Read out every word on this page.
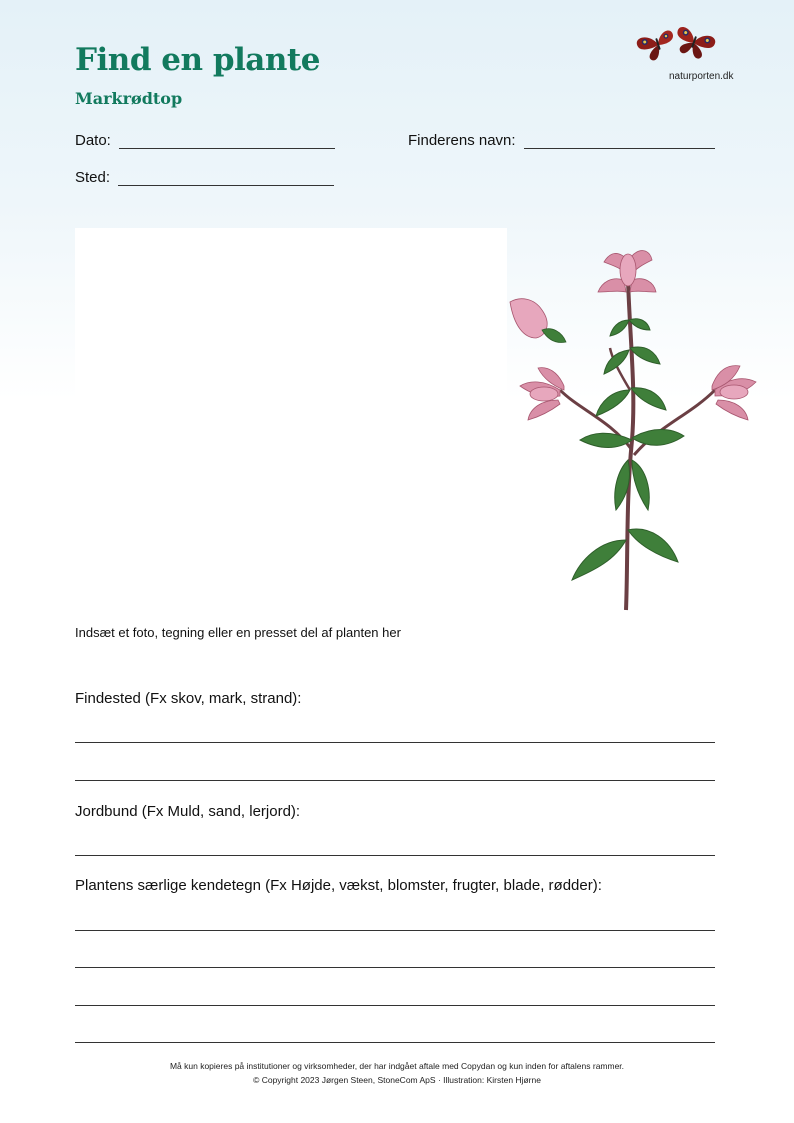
Find en plante
Markrødtop
naturporten.dk
Dato:	Finderens navn:
Sted:
Indsæt et foto, tegning eller en presset del af planten her
Findested (Fx skov, mark, strand):
Jordbund (Fx Muld, sand, lerjord):
Plantens særlige kendetegn (Fx Højde, vækst, blomster, frugter, blade, rødder):
Må kun kopieres på institutioner og virksomheder, der har indgået aftale med Copydan og kun inden for aftalens rammer.
© Copyright 2023 Jørgen Steen, StoneCom ApS · Illustration: Kirsten Hjørne
